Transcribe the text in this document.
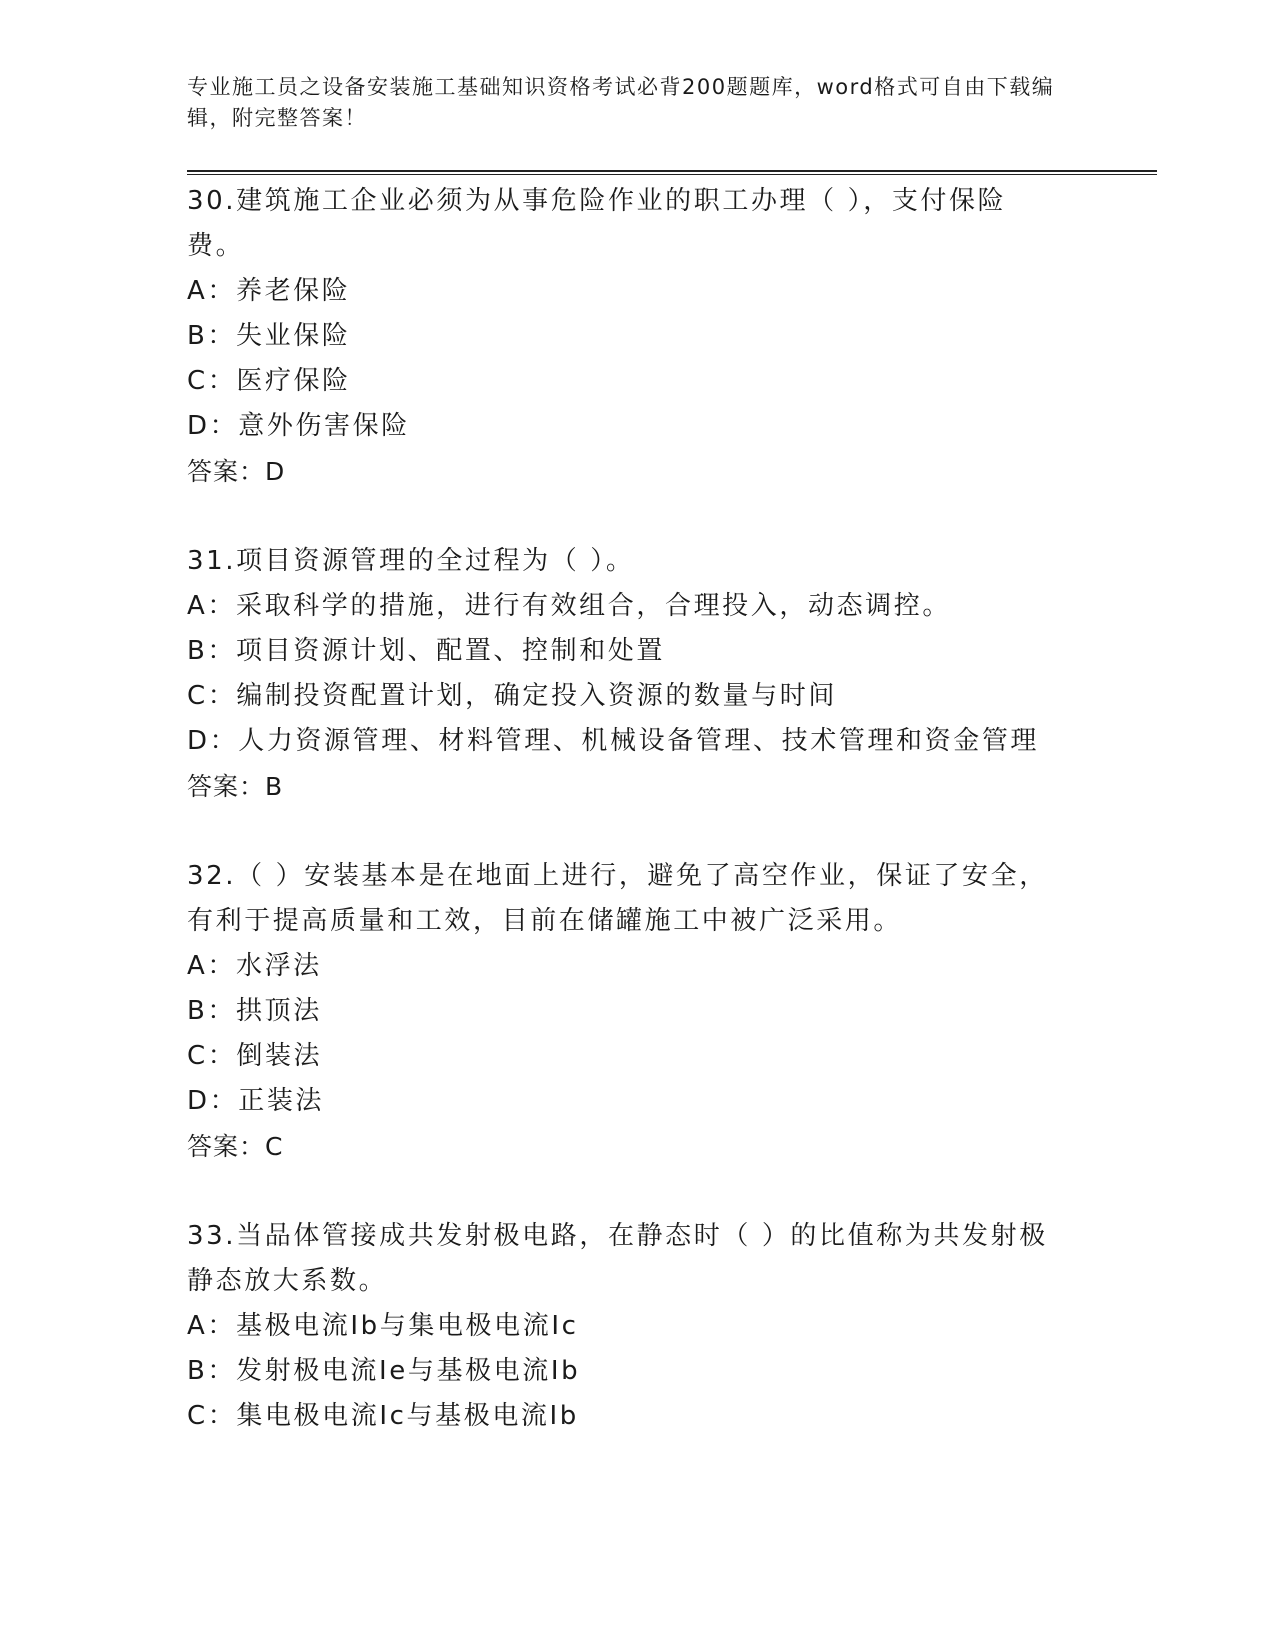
专业施工员之设备安装施工基础知识资格考试必背200题题库，word格式可自由下载编辑，附完整答案！

30.建筑施工企业必须为从事危险作业的职工办理（ ），支付保险费。

A：养老保险

B：失业保险

C：医疗保险

D：意外伤害保险

答案：D

31.项目资源管理的全过程为（ ）。

A：采取科学的措施，进行有效组合，合理投入，动态调控。

B：项目资源计划、配置、控制和处置

C：编制投资配置计划，确定投入资源的数量与时间

D：人力资源管理、材料管理、机械设备管理、技术管理和资金管理

答案：B

32.（ ）安装基本是在地面上进行，避免了高空作业，保证了安全，有利于提高质量和工效，目前在储罐施工中被广泛采用。

A：水浮法

B：拱顶法

C：倒装法

D：正装法

答案：C

33.当品体管接成共发射极电路，在静态时（ ）的比值称为共发射极静态放大系数。

A：基极电流Ib与集电极电流Ic

B：发射极电流Ie与基极电流Ib

C：集电极电流Ic与基极电流Ib
